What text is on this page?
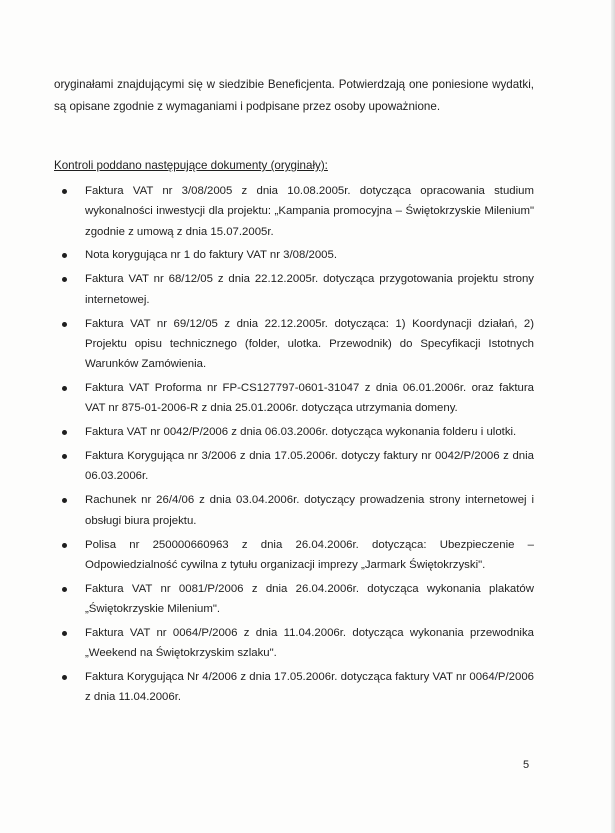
oryginałami znajdującymi się w siedzibie Beneficjenta. Potwierdzają one poniesione wydatki, są opisane zgodnie z wymaganiami i podpisane przez osoby upoważnione.

Kontroli poddano następujące dokumenty (oryginały):

Faktura VAT nr 3/08/2005 z dnia 10.08.2005r. dotycząca opracowania studium wykonalności inwestycji dla projektu: „Kampania promocyjna – Świętokrzyskie Milenium" zgodnie z umową z dnia 15.07.2005r.
Nota korygująca nr 1 do faktury VAT nr 3/08/2005.
Faktura VAT nr 68/12/05 z dnia 22.12.2005r. dotycząca przygotowania projektu strony internetowej.
Faktura VAT nr 69/12/05 z dnia 22.12.2005r. dotycząca: 1) Koordynacji działań, 2) Projektu opisu technicznego (folder, ulotka. Przewodnik) do Specyfikacji Istotnych Warunków Zamówienia.
Faktura VAT Proforma nr FP-CS127797-0601-31047 z dnia 06.01.2006r. oraz faktura VAT nr 875-01-2006-R z dnia 25.01.2006r. dotycząca utrzymania domeny.
Faktura VAT nr 0042/P/2006 z dnia 06.03.2006r. dotycząca wykonania folderu i ulotki.
Faktura Korygująca nr 3/2006 z dnia 17.05.2006r. dotyczy faktury nr 0042/P/2006 z dnia 06.03.2006r.
Rachunek nr 26/4/06 z dnia 03.04.2006r. dotyczący prowadzenia strony internetowej i obsługi biura projektu.
Polisa nr 250000660963 z dnia 26.04.2006r. dotycząca: Ubezpieczenie – Odpowiedzialność cywilna z tytułu organizacji imprezy „Jarmark Świętokrzyski".
Faktura VAT nr 0081/P/2006 z dnia 26.04.2006r. dotycząca wykonania plakatów „Świętokrzyskie Milenium".
Faktura VAT nr 0064/P/2006 z dnia 11.04.2006r. dotycząca wykonania przewodnika „Weekend na Świętokrzyskim szlaku".
Faktura Korygująca Nr 4/2006 z dnia 17.05.2006r. dotycząca faktury VAT nr 0064/P/2006 z dnia 11.04.2006r.

5
